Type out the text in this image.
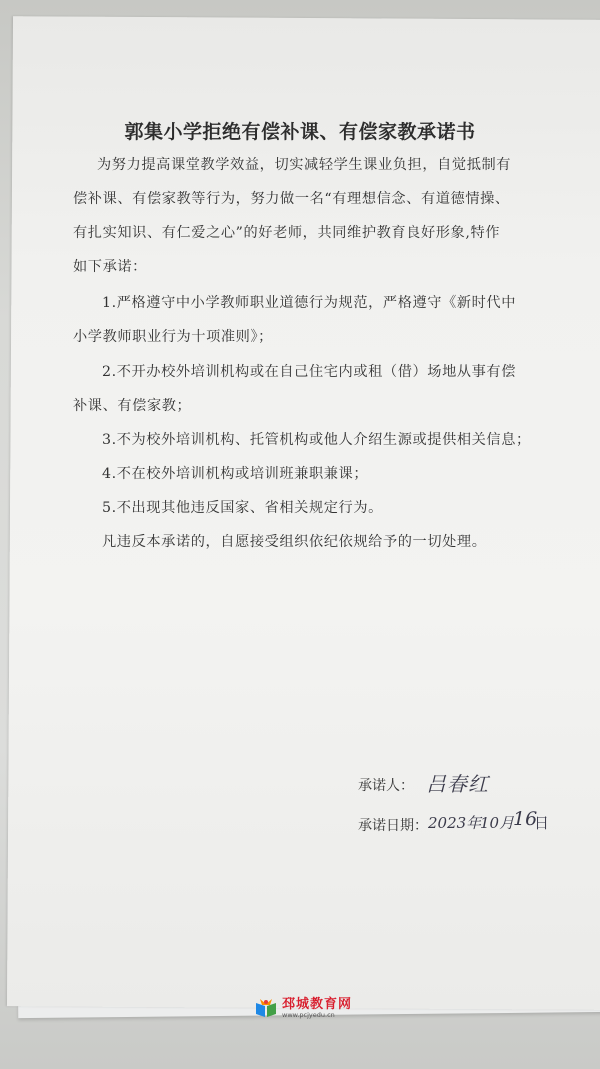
郭集小学拒绝有偿补课、有偿家教承诺书
为努力提高课堂教学效益，切实减轻学生课业负担，自觉抵制有
偿补课、有偿家教等行为，努力做一名“有理想信念、有道德情操、
有扎实知识、有仁爱之心”的好老师，共同维护教育良好形象,特作
如下承诺：
1.严格遵守中小学教师职业道德行为规范，严格遵守《新时代中
小学教师职业行为十项准则》；
2.不开办校外培训机构或在自己住宅内或租（借）场地从事有偿
补课、有偿家教；
3.不为校外培训机构、托管机构或他人介绍生源或提供相关信息；
4.不在校外培训机构或培训班兼职兼课；
5.不出现其他违反国家、省相关规定行为。
凡违反本承诺的，自愿接受组织依纪依规给予的一切处理。
承诺人： 吕春红
承诺日期： 2023年
10月
16
日
邳城教育网
www.pcjyedu.cn
